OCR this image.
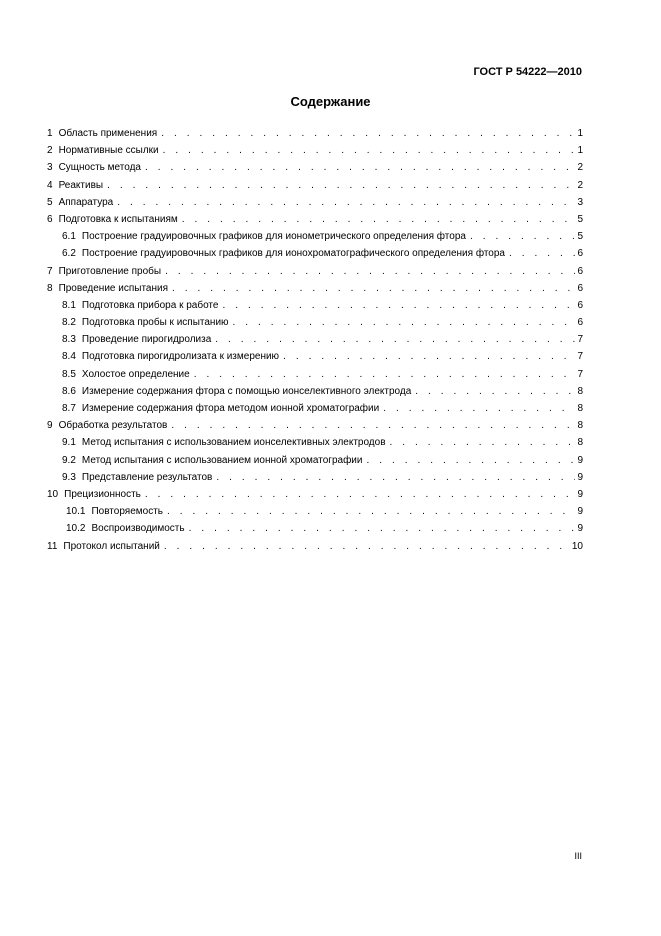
ГОСТ Р 54222—2010
Содержание
1 Область применения . . .	1
2 Нормативные ссылки . . .	1
3 Сущность метода . . .	2
4 Реактивы . . .	2
5 Аппаратура . . .	3
6 Подготовка к испытаниям . . .	5
6.1 Построение градуировочных графиков для ионометрического определения фтора . . .	5
6.2 Построение градуировочных графиков для ионохроматографического определения фтора . . .	6
7 Приготовление пробы . . .	6
8 Проведение испытания . . .	6
8.1 Подготовка прибора к работе . . .	6
8.2 Подготовка пробы к испытанию . . .	6
8.3 Проведение пирогидролиза . . .	7
8.4 Подготовка пирогидролизата к измерению . . .	7
8.5 Холостое определение . . .	7
8.6 Измерение содержания фтора с помощью ионселективного электрода . . .	8
8.7 Измерение содержания фтора методом ионной хроматографии . . .	8
9 Обработка результатов . . .	8
9.1 Метод испытания с использованием ионселективных электродов . . .	8
9.2 Метод испытания с использованием ионной хроматографии . . .	9
9.3 Представление результатов . . .	9
10 Прецизионность . . .	9
10.1 Повторяемость . . .	9
10.2 Воспроизводимость . . .	9
11 Протокол испытаний . . .	10
III
